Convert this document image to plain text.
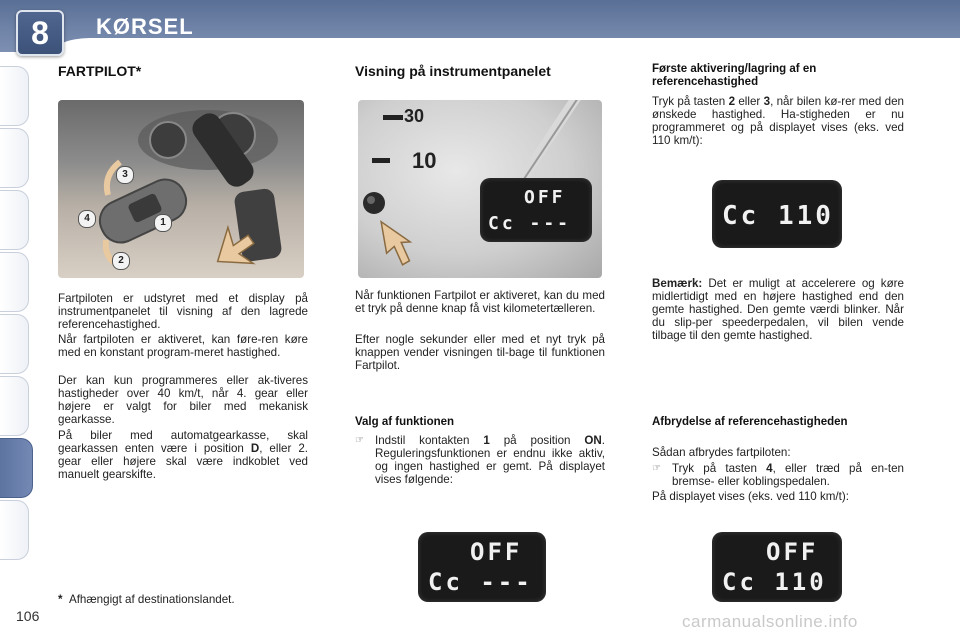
8	KØRSEL
FARTPILOT*
3
4	1
2

Fartpiloten er udstyret med et display på instrumentpanelet til visning af den lagrede referencehastighed.

Når fartpiloten er aktiveret, kan føre-ren køre med en konstant program-meret hastighed.

Der kan kun programmeres eller ak-tiveres hastigheder over 40 km/t, når 4. gear eller højere er valgt for biler med mekanisk gearkasse.

På biler med automatgearkasse, skal gearkassen enten være i position D, eller 2. gear eller højere skal være indkoblet ved manuelt gearskifte.

Visning på instrumentpanelet
30
10
OFF
Cc ---

Når funktionen Fartpilot er aktiveret, kan du med et tryk på denne knap få vist kilometertælleren.

Efter nogle sekunder eller med et nyt tryk på knappen vender visningen til-bage til funktionen Fartpilot.

Valg af funktionen
☞ Indstil kontakten 1 på position ON. Reguleringsfunktionen er endnu ikke aktiv, og ingen hastighed er gemt. På displayet vises følgende:
OFF
Cc ---
Første aktivering/lagring af en referencehastighed

Tryk på tasten 2 eller 3, når bilen kø-rer med den ønskede hastighed. Ha-stigheden er nu programmeret og på displayet vises (eks. ved 110 km/t):

Cc 110

Bemærk: Det er muligt at accelerere og køre midlertidigt med en højere hastighed end den gemte hastighed. Den gemte værdi blinker. Når du slip-per speederpedalen, vil bilen vende tilbage til den gemte hastighed.

Afbrydelse af referencehastigheden

Sådan afbrydes fartpiloten:

☞ Tryk på tasten 4, eller træd på en-ten bremse- eller koblingspedalen.

På displayet vises (eks. ved 110 km/t):

OFF
Cc 110
* Afhængigt af destinationslandet.
106	carmanualsonline.info
